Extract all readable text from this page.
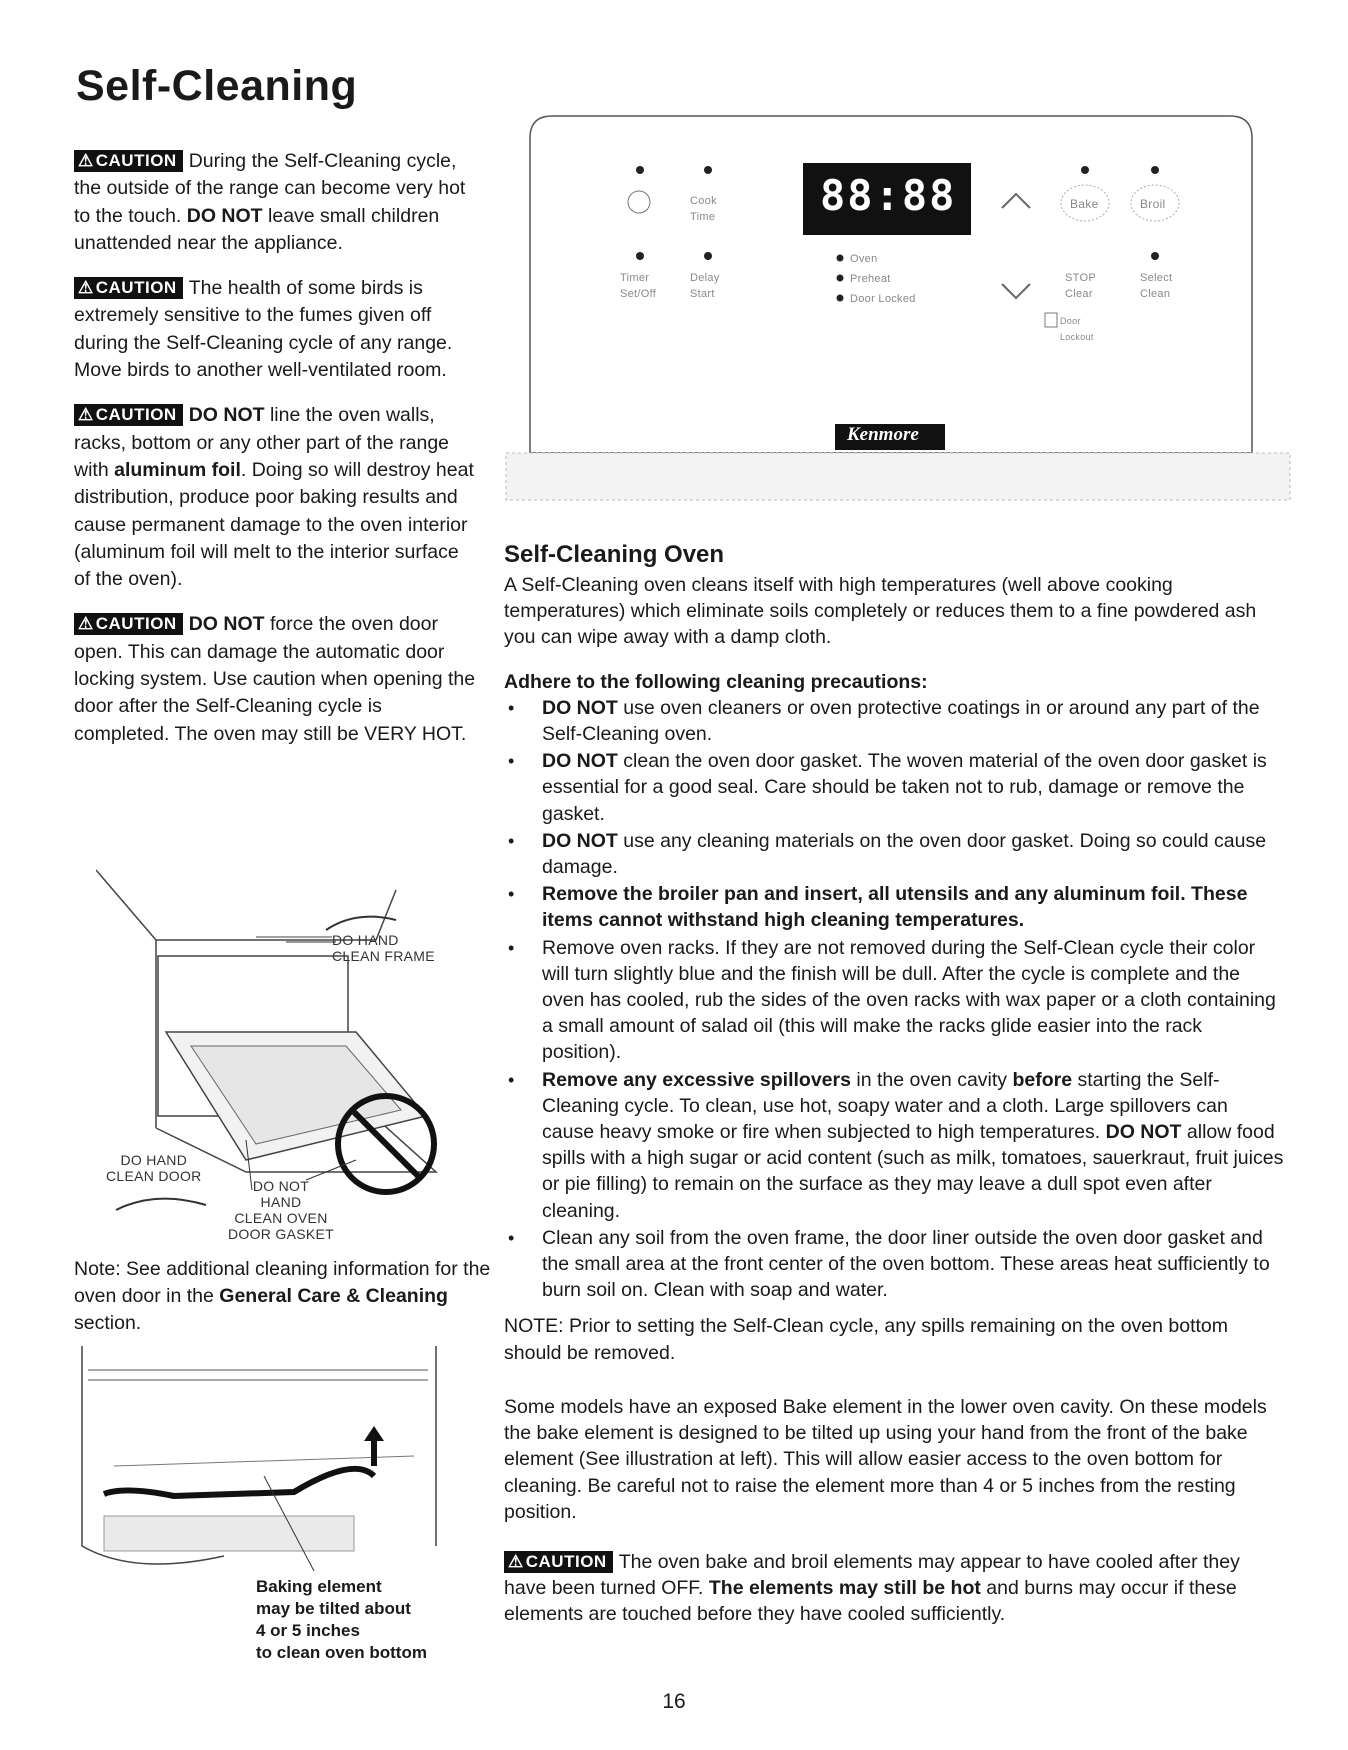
Self-Cleaning

⚠ CAUTION During the Self-Cleaning cycle, the outside of the range can become very hot to the touch. DO NOT leave small children unattended near the appliance.

⚠ CAUTION The health of some birds is extremely sensitive to the fumes given off during the Self-Cleaning cycle of any range. Move birds to another well-ventilated room.

⚠ CAUTION DO NOT line the oven walls, racks, bottom or any other part of the range with aluminum foil. Doing so will destroy heat distribution, produce poor baking results and cause permanent damage to the oven interior (aluminum foil will melt to the interior surface of the oven).

⚠ CAUTION DO NOT force the oven door open. This can damage the automatic door locking system. Use caution when opening the door after the Self-Cleaning cycle is completed. The oven may still be VERY HOT.

88:88
Kenmore
Cook
Time
Timer
Set/Off
Delay
Start
Oven
Preheat
Door Locked
Bake	Broil
STOP
Clear
Select
Clean
Door
Lockout
DO HAND
CLEAN FRAME
DO HAND
CLEAN DOOR
DO NOT
HAND
CLEAN OVEN
DOOR GASKET

Note: See additional cleaning information for the oven door in the General Care & Cleaning section.

Baking element
may be tilted about
4 or 5 inches
to clean oven bottom
Self-Cleaning Oven

A Self-Cleaning oven cleans itself with high temperatures (well above cooking temperatures) which eliminate soils completely or reduces them to a fine powdered ash you can wipe away with a damp cloth.

Adhere to the following cleaning precautions:

• DO NOT use oven cleaners or oven protective coatings in or around any part of the Self-Cleaning oven.
• DO NOT clean the oven door gasket. The woven material of the oven door gasket is essential for a good seal. Care should be taken not to rub, damage or remove the gasket.
• DO NOT use any cleaning materials on the oven door gasket. Doing so could cause damage.
• Remove the broiler pan and insert, all utensils and any aluminum foil. These items cannot withstand high cleaning temperatures.
• Remove oven racks. If they are not removed during the Self-Clean cycle their color will turn slightly blue and the finish will be dull. After the cycle is complete and the oven has cooled, rub the sides of the oven racks with wax paper or a cloth containing a small amount of salad oil (this will make the racks glide easier into the rack position).
• Remove any excessive spillovers in the oven cavity before starting the Self-Cleaning cycle. To clean, use hot, soapy water and a cloth. Large spillovers can cause heavy smoke or fire when subjected to high temperatures. DO NOT allow food spills with a high sugar or acid content (such as milk, tomatoes, sauerkraut, fruit juices or pie filling) to remain on the surface as they may leave a dull spot even after cleaning.
• Clean any soil from the oven frame, the door liner outside the oven door gasket and the small area at the front center of the oven bottom. These areas heat sufficiently to burn soil on. Clean with soap and water.

NOTE: Prior to setting the Self-Clean cycle, any spills remaining on the oven bottom should be removed.

Some models have an exposed Bake element in the lower oven cavity. On these models the bake element is designed to be tilted up using your hand from the front of the bake element (See illustration at left). This will allow easier access to the oven bottom for cleaning. Be careful not to raise the element more than 4 or 5 inches from the resting position.

⚠ CAUTION The oven bake and broil elements may appear to have cooled after they have been turned OFF. The elements may still be hot and burns may occur if these elements are touched before they have cooled sufficiently.

16
